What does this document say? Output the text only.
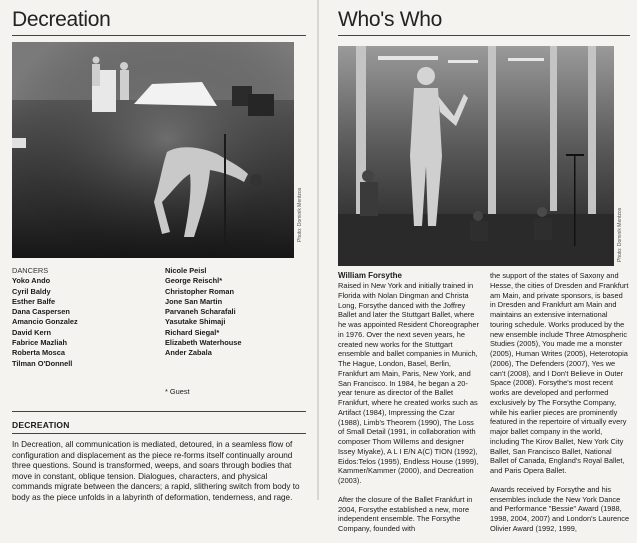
Decreation
Photo: Dominik Mentzos
DANCERS
Yoko Ando
Cyril Baldy
Esther Balfe
Dana Caspersen
Amancio Gonzalez
David Kern
Fabrice Mazliah
Roberta Mosca
Tilman O'Donnell
Nicole Peisl
George Reischl*
Christopher Roman
Jone San Martin
Parvaneh Scharafali
Yasutake Shimaji
Richard Siegal*
Elizabeth Waterhouse
Ander Zabala
* Guest
DECREATION
In Decreation, all communication is mediated, detoured, in a seamless flow of configuration and displacement as the piece re-forms itself continually around three questions. Sound is transformed, weeps, and soars through bodies that move in constant, oblique tension. Dialogues, characters, and physical commands migrate between the dancers; a rapid, slithering switch from body to body as the piece unfolds in a labyrinth of deformation, tenderness, and rage.
Who's Who
Photo: Dominik Mentzos
William Forsythe

Raised in New York and initially trained in Florida with Nolan Dingman and Christa Long, Forsythe danced with the Joffrey Ballet and later the Stuttgart Ballet, where he was appointed Resident Choreographer in 1976. Over the next seven years, he created new works for the Stuttgart ensemble and ballet companies in Munich, The Hague, London, Basel, Berlin, Frankfurt am Main, Paris, New York, and San Francisco. In 1984, he began a 20-year tenure as director of the Ballet Frankfurt, where he created works such as Artifact (1984), Impressing the Czar (1988), Limb's Theorem (1990), The Loss of Small Detail (1991, in collaboration with composer Thom Willems and designer Issey Miyake), A L I E/N A(C) TION (1992), Eidos:Telos (1995), Endless House (1999), Kammer/Kammer (2000), and Decreation (2003).

After the closure of the Ballet Frankfurt in 2004, Forsythe established a new, more independent ensemble. The Forsythe Company, founded with

the support of the states of Saxony and Hesse, the cities of Dresden and Frankfurt am Main, and private sponsors, is based in Dresden and Frankfurt am Main and maintains an extensive international touring schedule. Works produced by the new ensemble include Three Atmospheric Studies (2005), You made me a monster (2005), Human Writes (2005), Heterotopia (2006), The Defenders (2007), Yes we can't (2008), and I Don't Believe in Outer Space (2008). Forsythe's most recent works are developed and performed exclusively by The Forsythe Company, while his earlier pieces are prominently featured in the repertoire of virtually every major ballet company in the world, including The Kirov Ballet, New York City Ballet, San Francisco Ballet, National Ballet of Canada, England's Royal Ballet, and Paris Opera Ballet.

Awards received by Forsythe and his ensembles include the New York Dance and Performance "Bessie" Award (1988, 1998, 2004, 2007) and London's Laurence Olivier Award (1992, 1999,
